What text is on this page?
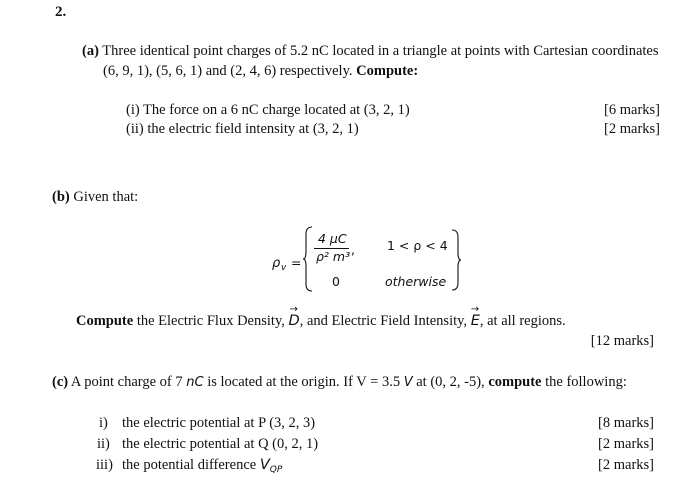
2.
(a) Three identical point charges of 5.2 nC located in a triangle at points with Cartesian coordinates
(6, 9, 1), (5, 6, 1) and (2, 4, 6) respectively. Compute:
(i) The force on a 6 nC charge located at (3, 2, 1)	[6 marks]
(ii) the electric field intensity at (3, 2, 1)	[2 marks]
(b) Given that:
ρ v =
4 μC
ρ² m³ ,
0
1 < ρ < 4
otherwise
Compute the Electric Flux Density,
→
D, and Electric Field Intensity,
→
E, at all regions.
[12 marks]
(c) A point charge of 7 nC is located at the origin. If V = 3.5 V at (0, 2, -5), compute the following:
i) the electric potential at P (3, 2, 3)	[8 marks]
ii) the electric potential at Q (0, 2, 1)	[2 marks]
iii) the potential difference $V_{QP}$	[2 marks]
